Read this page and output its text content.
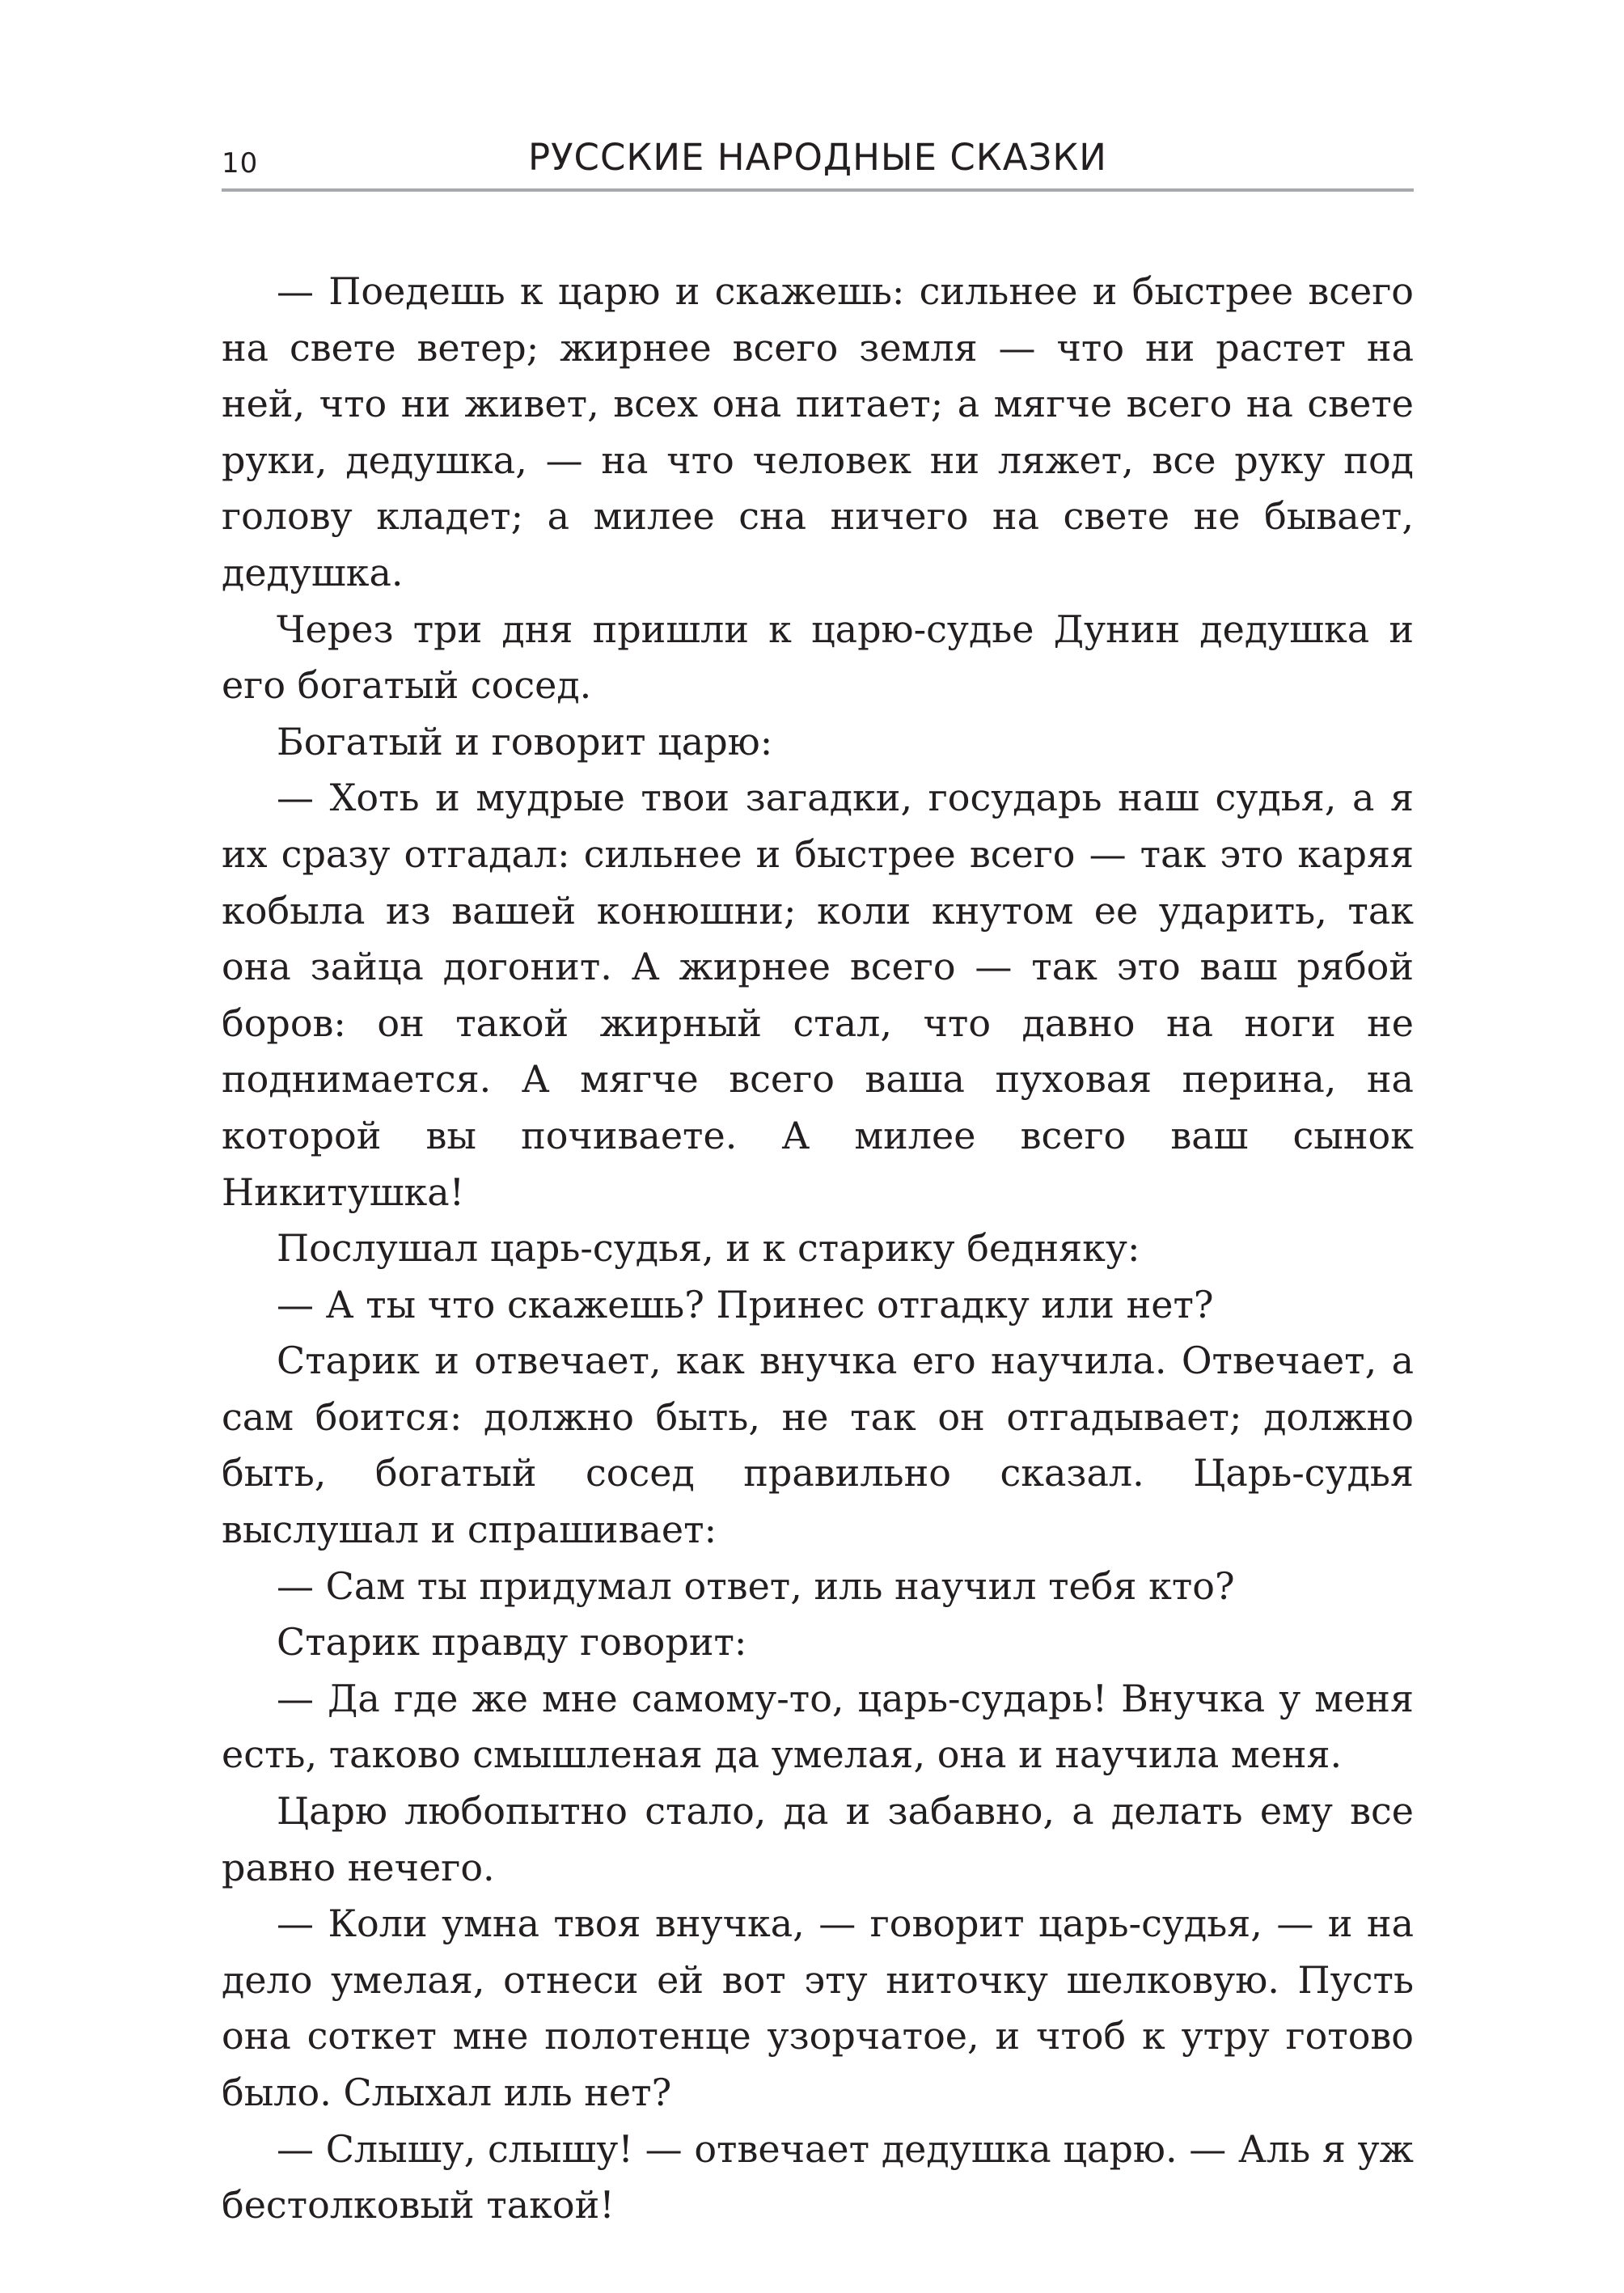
10	РУССКИЕ НАРОДНЫЕ СКАЗКИ

— Поедешь к царю и скажешь: сильнее и быстрее всего на свете ветер; жирнее всего земля — что ни растет на ней, что ни живет, всех она питает; а мягче всего на свете руки, дедушка, — на что человек ни ляжет, все руку под голову кладет; а милее сна ничего на свете не бывает, дедушка.

Через три дня пришли к царю-судье Дунин дедушка и его богатый сосед.

Богатый и говорит царю:

— Хоть и мудрые твои загадки, государь наш судья, а я их сразу отгадал: сильнее и быстрее всего — так это каряя кобыла из вашей конюшни; коли кнутом ее ударить, так она зайца догонит. А жирнее всего — так это ваш рябой боров: он такой жирный стал, что давно на ноги не поднимается. А мягче всего ваша пуховая перина, на которой вы почиваете. А милее всего ваш сынок Никитушка!

Послушал царь-судья, и к старику бедняку:

— А ты что скажешь? Принес отгадку или нет?

Старик и отвечает, как внучка его научила. Отвечает, а сам боится: должно быть, не так он отгадывает; должно быть, богатый сосед правильно сказал. Царь-судья выслушал и спрашивает:

— Сам ты придумал ответ, иль научил тебя кто?

Старик правду говорит:

— Да где же мне самому-то, царь-сударь! Внучка у меня есть, таково смышленая да умелая, она и научила меня.

Царю любопытно стало, да и забавно, а делать ему все равно нечего.

— Коли умна твоя внучка, — говорит царь-судья, — и на дело умелая, отнеси ей вот эту ниточку шелковую. Пусть она соткет мне полотенце узорчатое, и чтоб к утру готово было. Слыхал иль нет?

— Слышу, слышу! — отвечает дедушка царю. — Аль я уж бестолковый такой!
